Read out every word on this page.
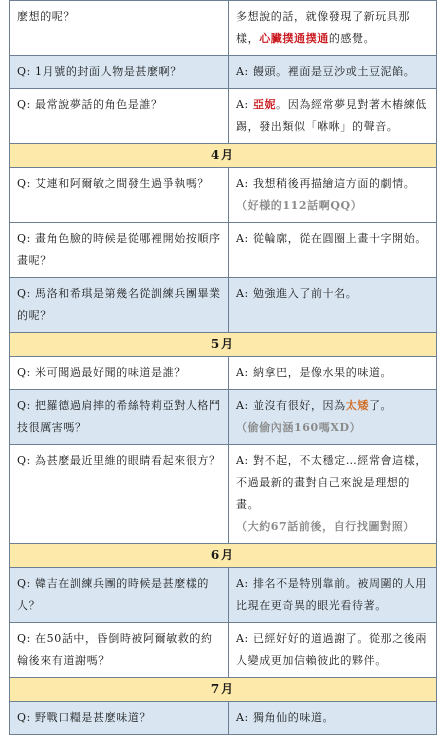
麼想的呢？	多想說的話，就像發現了新玩具那樣，心臟撲通撲通的感覺。
Q: 1月號的封面人物是甚麼啊？	A: 饅頭。裡面是豆沙或土豆泥餡。
Q: 最常說夢話的角色是誰？	A: 亞妮。因為經常夢見對著木樁練低踢，發出類似「咻咻」的聲音。
4月	
Q: 艾連和阿爾敏之間發生過爭執嗎？	A: 我想稍後再描繪這方面的劇情。
（好様的112話啊QQ）
Q: 畫角色臉的時候是從哪裡開始按順序畫呢？	A: 從輪廓，從在圓圈上畫十字開始。
Q: 馬洛和希琪是第幾名從訓練兵團畢業的呢？	A: 勉強進入了前十名。
5月	
Q: 米可聞過最好聞的味道是誰？	A: 納拿巴，是像水果的味道。
Q: 把羅德過肩摔的希絲特莉亞對人格鬥技很厲害嗎？	A: 並沒有很好，因為太矮了。
（偷偷內涵160嗎XD）
Q: 為甚麼最近里維的眼睛看起來很方？	A: 對不起，不太穩定…經常會這樣，不過最新的畫對自己來說是理想的畫。
（大約67話前後，自行找圖對照）
6月	
Q: 韓吉在訓練兵團的時候是甚麼樣的人？	A: 排名不是特別靠前。被周圍的人用比現在更奇異的眼光看待著。
Q: 在50話中，昏倒時被阿爾敏救的約翰後來有道謝嗎？	A: 已經好好的道過謝了。從那之後兩人變成更加信賴彼此的夥伴。
7月	
Q: 野戰口糧是甚麼味道？	A: 獨角仙的味道。
